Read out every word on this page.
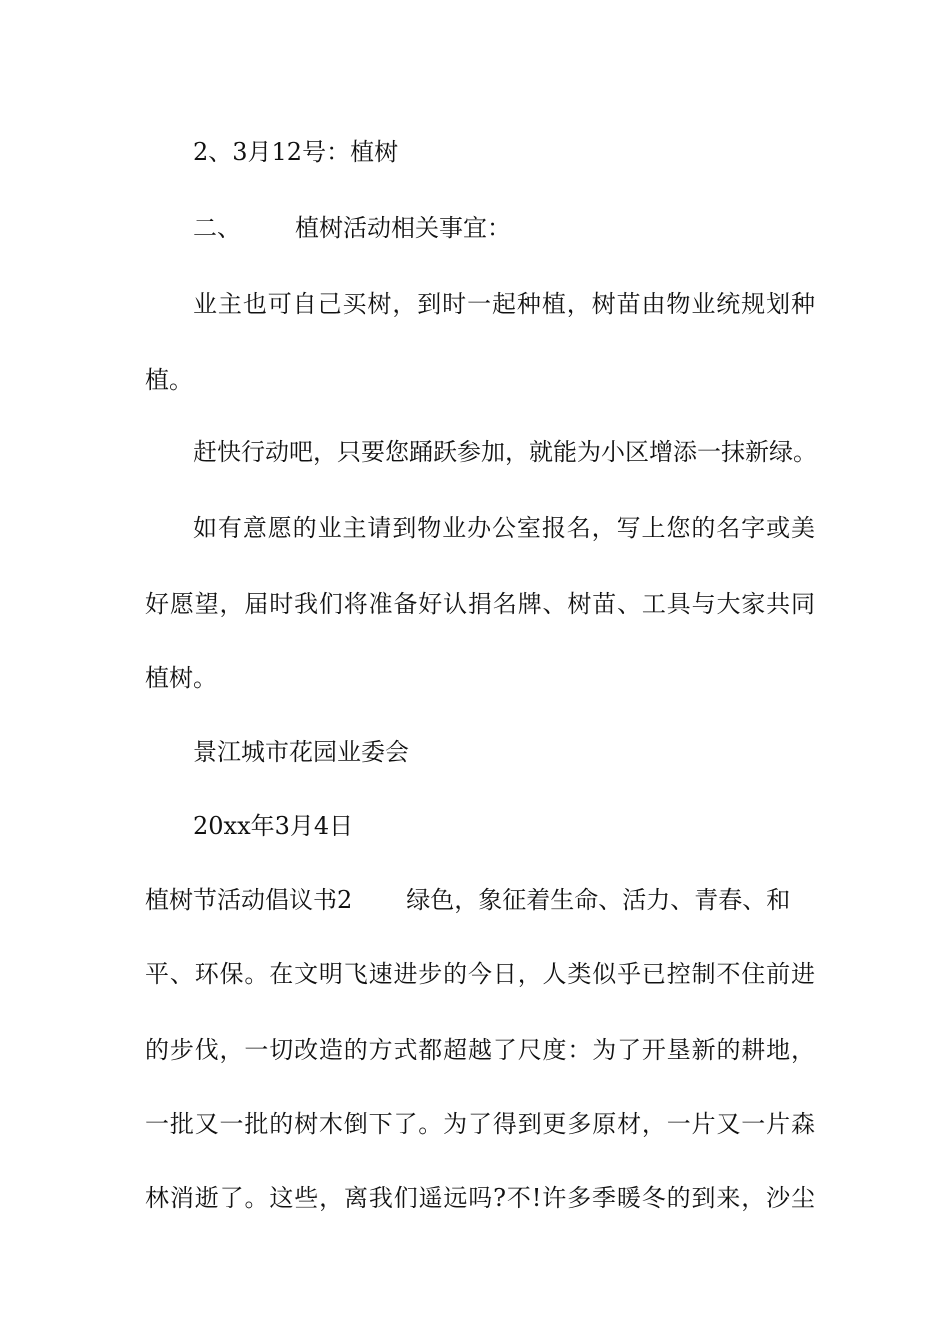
2、3月12号：植树
二、 植树活动相关事宜：
业主也可自己买树，到时一起种植，树苗由物业统规划种
植。
赶快行动吧，只要您踊跃参加，就能为小区增添一抹新绿。
如有意愿的业主请到物业办公室报名，写上您的名字或美
好愿望，届时我们将准备好认捐名牌、树苗、工具与大家共同
植树。
景江城市花园业委会
20xx年3月4日
植树节活动倡议书2 绿色，象征着生命、活力、青春、和
平、环保。在文明飞速进步的今日，人类似乎已控制不住前进
的步伐，一切改造的方式都超越了尺度：为了开垦新的耕地，
一批又一批的树木倒下了。为了得到更多原材，一片又一片森
林消逝了。这些，离我们遥远吗?不!许多季暖冬的到来，沙尘
